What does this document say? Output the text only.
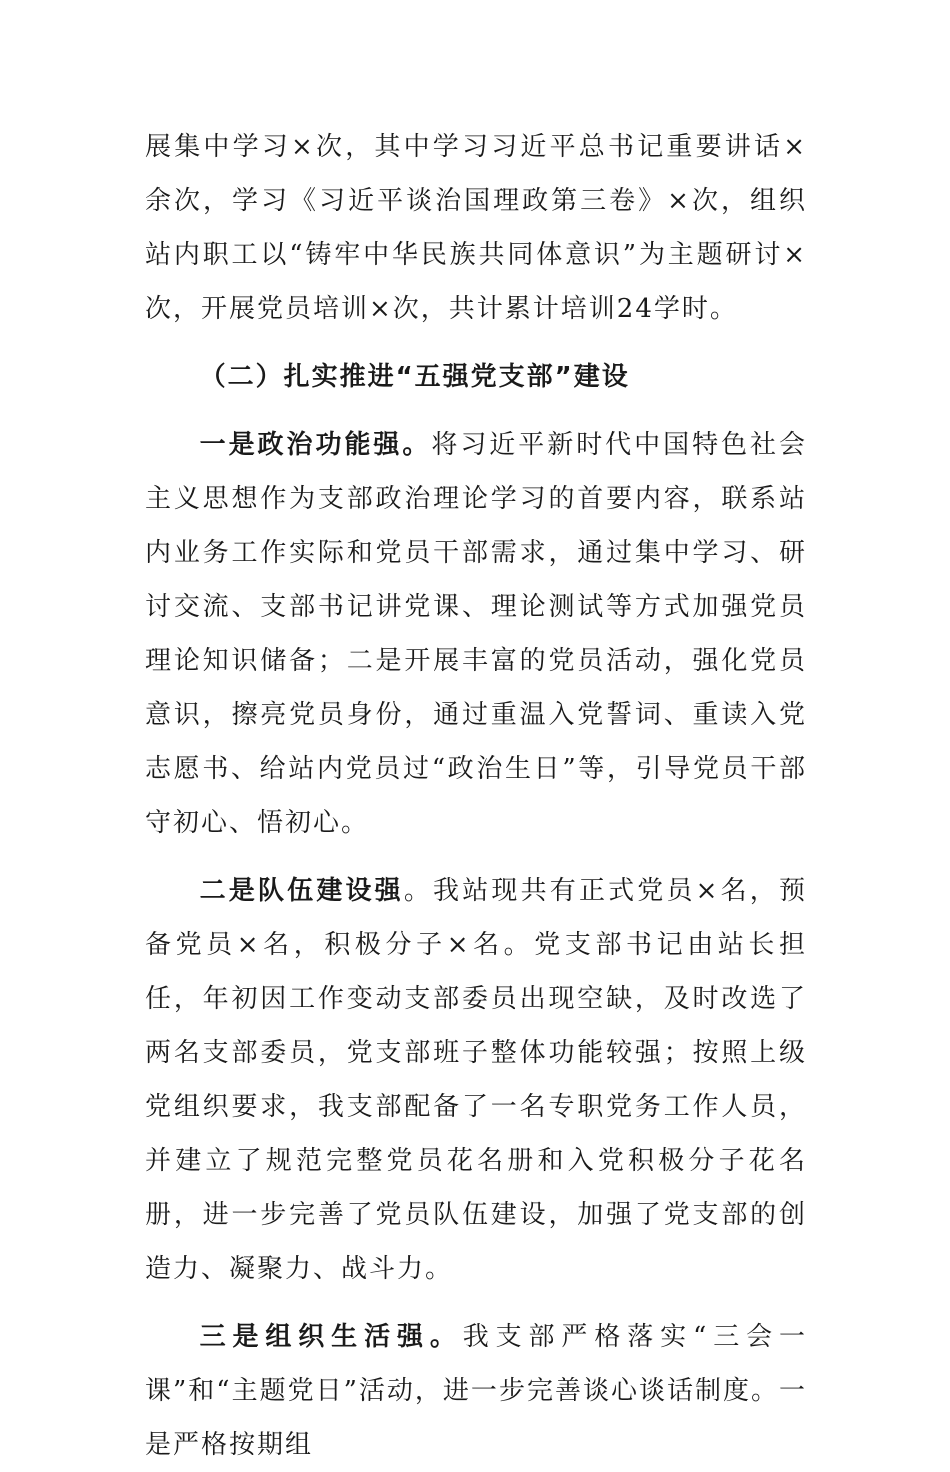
展集中学习×次，其中学习习近平总书记重要讲话×余次，学习《习近平谈治国理政第三卷》×次，组织站内职工以“铸牢中华民族共同体意识”为主题研讨×次，开展党员培训×次，共计累计培训24学时。

（二）扎实推进“五强党支部”建设

一是政治功能强。将习近平新时代中国特色社会主义思想作为支部政治理论学习的首要内容，联系站内业务工作实际和党员干部需求，通过集中学习、研讨交流、支部书记讲党课、理论测试等方式加强党员理论知识储备；二是开展丰富的党员活动，强化党员意识，擦亮党员身份，通过重温入党誓词、重读入党志愿书、给站内党员过“政治生日”等，引导党员干部守初心、悟初心。

二是队伍建设强。我站现共有正式党员×名，预备党员×名，积极分子×名。党支部书记由站长担任，年初因工作变动支部委员出现空缺，及时改选了两名支部委员，党支部班子整体功能较强；按照上级党组织要求，我支部配备了一名专职党务工作人员，并建立了规范完整党员花名册和入党积极分子花名册，进一步完善了党员队伍建设，加强了党支部的创造力、凝聚力、战斗力。

三是组织生活强。我支部严格落实“三会一课”和“主题党日”活动，进一步完善谈心谈话制度。一是严格按期组
